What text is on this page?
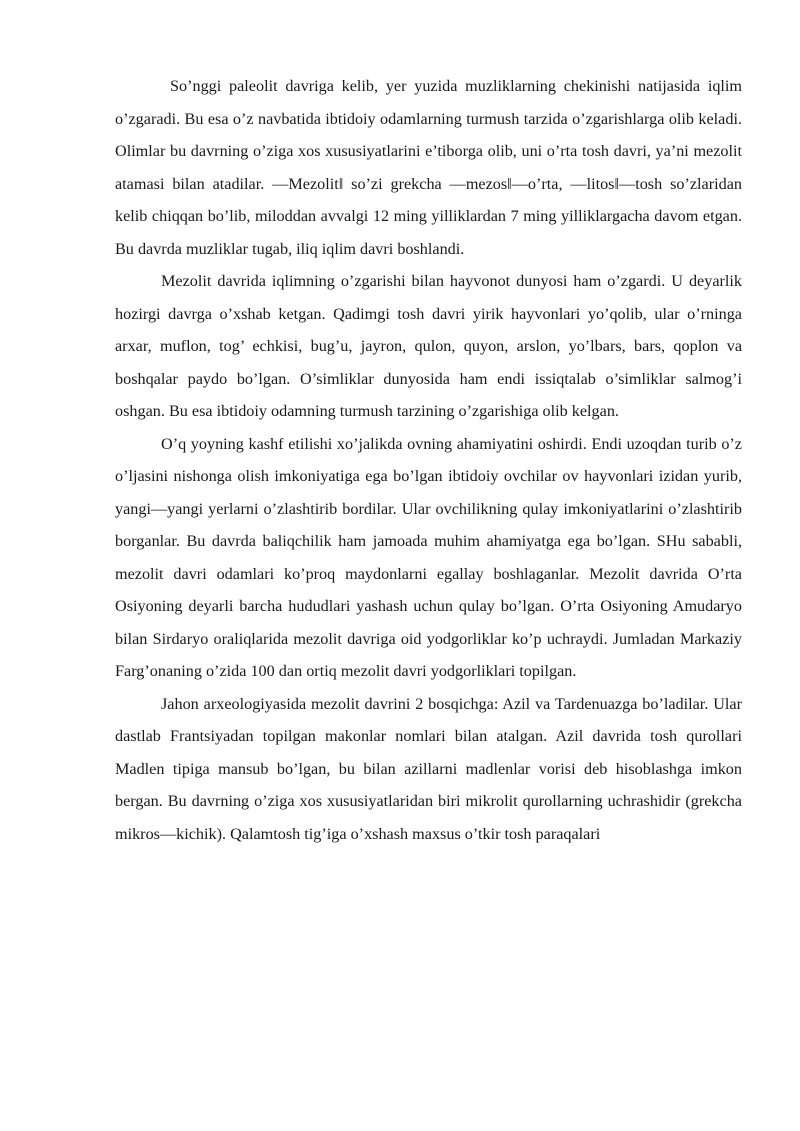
So’nggi paleolit davriga kelib, yer yuzida muzliklarning chekinishi natijasida iqlim o’zgaradi. Bu esa o’z navbatida ibtidoiy odamlarning turmush tarzida o’zgarishlarga olib keladi. Olimlar bu davrning o’ziga xos xususiyatlarini e’tiborga olib, uni o’rta tosh davri, ya’ni mezolit atamasi bilan atadilar. ―Mezolit‖ so’zi grekcha ―mezos‖—o’rta, ―litos‖—tosh so’zlaridan kelib chiqqan bo’lib, miloddan avvalgi 12 ming yilliklardan 7 ming yilliklargacha davom etgan. Bu davrda muzliklar tugab, iliq iqlim davri boshlandi.

Mezolit davrida iqlimning o’zgarishi bilan hayvonot dunyosi ham o’zgardi. U deyarlik hozirgi davrga o’xshab ketgan. Qadimgi tosh davri yirik hayvonlari yo’qolib, ular o’rninga arxar, muflon, tog’ echkisi, bug’u, jayron, qulon, quyon, arslon, yo’lbars, bars, qoplon va boshqalar paydo bo’lgan. O’simliklar dunyosida ham endi issiqtalab o’simliklar salmog’i oshgan. Bu esa ibtidoiy odamning turmush tarzining o’zgarishiga olib kelgan.

O’q yoyning kashf etilishi xo’jalikda ovning ahamiyatini oshirdi. Endi uzoqdan turib o’z o’ljasini nishonga olish imkoniyatiga ega bo’lgan ibtidoiy ovchilar ov hayvonlari izidan yurib, yangi—yangi yerlarni o’zlashtirib bordilar. Ular ovchilikning qulay imkoniyatlarini o’zlashtirib borganlar. Bu davrda baliqchilik ham jamoada muhim ahamiyatga ega bo’lgan. SHu sababli, mezolit davri odamlari ko’proq maydonlarni egallay boshlaganlar. Mezolit davrida O’rta Osiyoning deyarli barcha hududlari yashash uchun qulay bo’lgan. O’rta Osiyoning Amudaryo bilan Sirdaryo oraliqlarida mezolit davriga oid yodgorliklar ko’p uchraydi. Jumladan Markaziy Farg’onaning o’zida 100 dan ortiq mezolit davri yodgorliklari topilgan.

Jahon arxeologiyasida mezolit davrini 2 bosqichga: Azil va Tardenuazga bo’ladilar. Ular dastlab Frantsiyadan topilgan makonlar nomlari bilan atalgan. Azil davrida tosh qurollari Madlen tipiga mansub bo’lgan, bu bilan azillarni madlenlar vorisi deb hisoblashga imkon bergan. Bu davrning o’ziga xos xususiyatlaridan biri mikrolit qurollarning uchrashidir (grekcha mikros—kichik). Qalamtosh tig’iga o’xshash maxsus o’tkir tosh paraqalari
